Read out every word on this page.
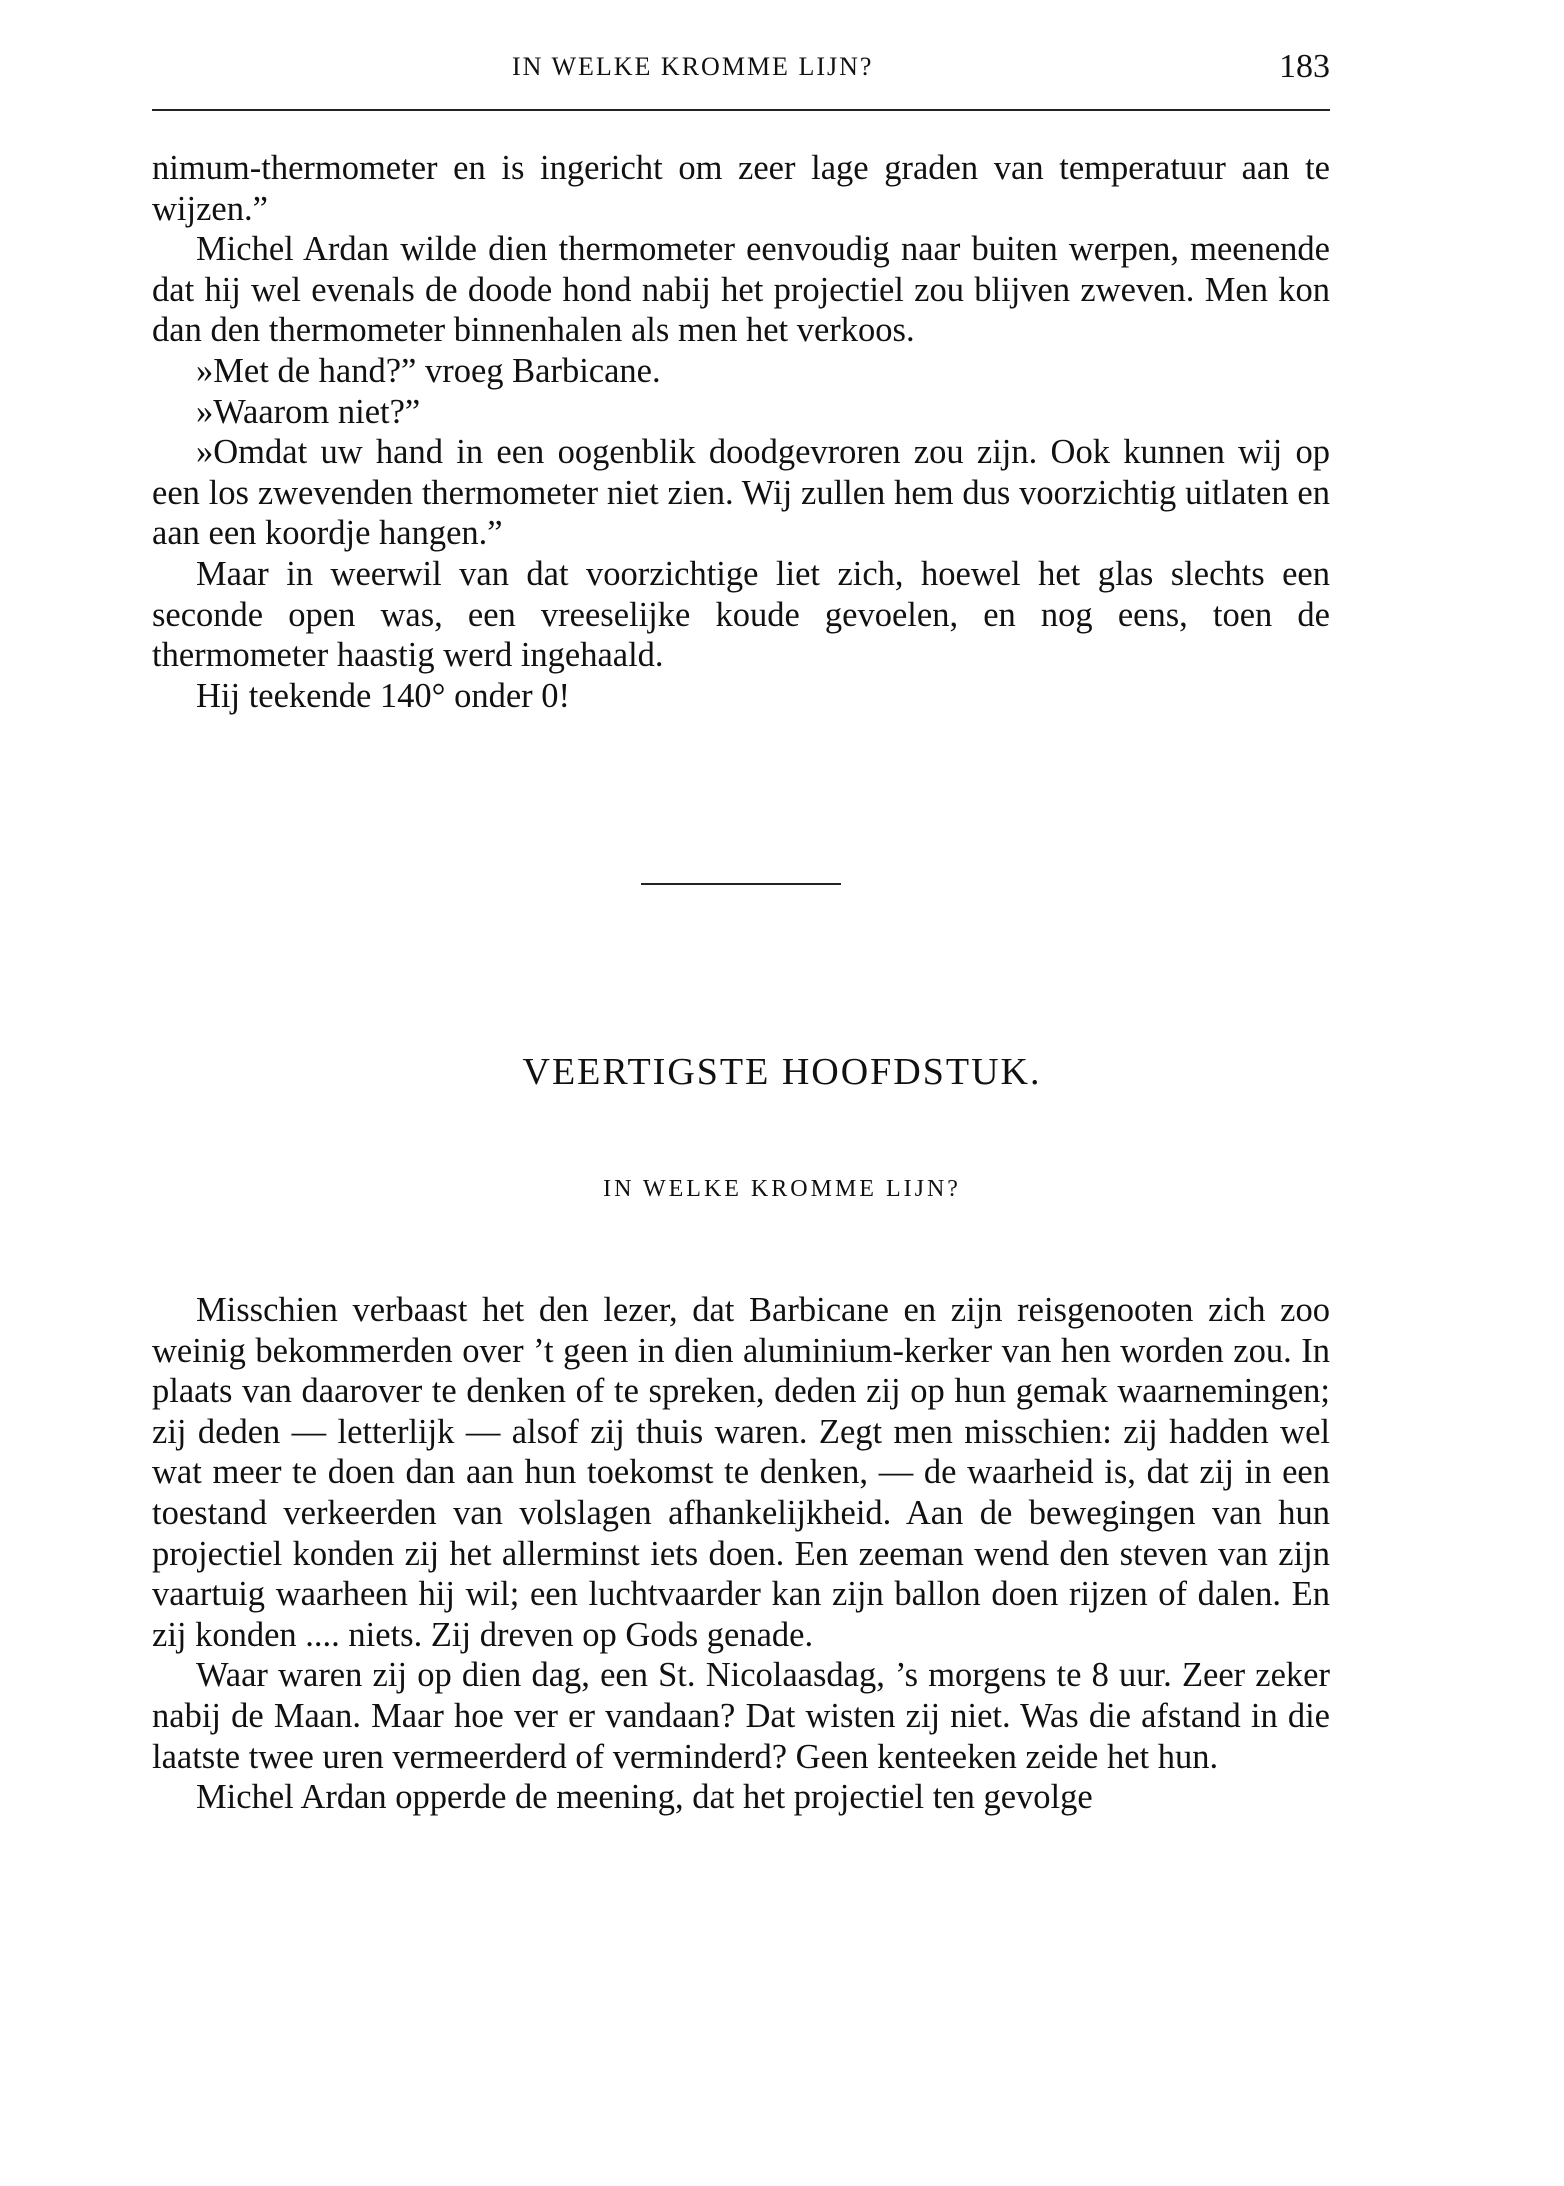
IN WELKE KROMME LIJN?	183

nimum-thermometer en is ingericht om zeer lage graden van temperatuur aan te wijzen.”

Michel Ardan wilde dien thermometer eenvoudig naar buiten werpen, meenende dat hij wel evenals de doode hond nabij het projectiel zou blijven zweven. Men kon dan den thermometer binnenhalen als men het verkoos.

»Met de hand?” vroeg Barbicane.

»Waarom niet?”

»Omdat uw hand in een oogenblik doodgevroren zou zijn. Ook kunnen wij op een los zwevenden thermometer niet zien. Wij zullen hem dus voorzichtig uitlaten en aan een koordje hangen.”

Maar in weerwil van dat voorzichtige liet zich, hoewel het glas slechts een seconde open was, een vreeselijke koude gevoelen, en nog eens, toen de thermometer haastig werd ingehaald.

Hij teekende 140° onder 0!

VEERTIGSTE HOOFDSTUK.
IN WELKE KROMME LIJN?

Misschien verbaast het den lezer, dat Barbicane en zijn reisgenooten zich zoo weinig bekommerden over ’t geen in dien aluminium-kerker van hen worden zou. In plaats van daarover te denken of te spreken, deden zij op hun gemak waarnemingen; zij deden — letterlijk — alsof zij thuis waren. Zegt men misschien: zij hadden wel wat meer te doen dan aan hun toekomst te denken, — de waarheid is, dat zij in een toestand verkeerden van volslagen afhankelijkheid. Aan de bewegingen van hun projectiel konden zij het allerminst iets doen. Een zeeman wend den steven van zijn vaartuig waarheen hij wil; een luchtvaarder kan zijn ballon doen rijzen of dalen. En zij konden .... niets. Zij dreven op Gods genade.

Waar waren zij op dien dag, een St. Nicolaasdag, ’s morgens te 8 uur. Zeer zeker nabij de Maan. Maar hoe ver er vandaan? Dat wisten zij niet. Was die afstand in die laatste twee uren vermeerderd of verminderd? Geen kenteeken zeide het hun.

Michel Ardan opperde de meening, dat het projectiel ten gevolge
